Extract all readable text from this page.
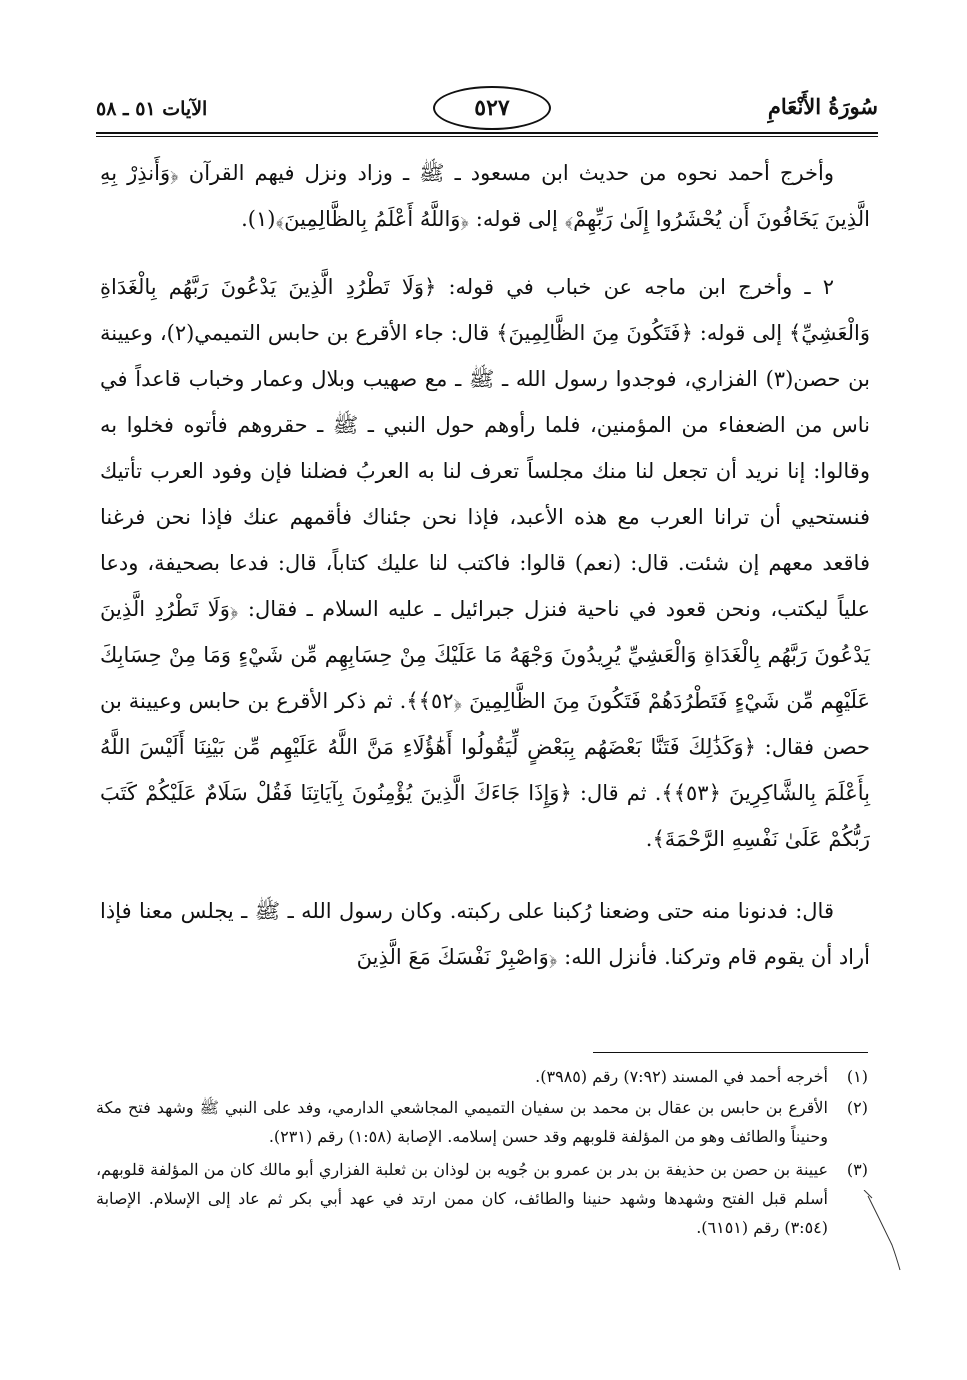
سُورَةُ الأَنْعَامِ
٥٢٧
الآيات ٥١ ـ ٥٨

وأخرج أحمد نحوه من حديث ابن مسعود ـ ﷺ ـ وزاد ونزل فيهم القرآن ﴿وَأَنذِرْ بِهِ الَّذِينَ يَخَافُونَ أَن يُحْشَرُوا إِلَىٰ رَبِّهِمْ﴾ إلى قوله: ﴿وَاللَّهُ أَعْلَمُ بِالظَّالِمِينَ﴾(١).

٢ ـ وأخرج ابن ماجه عن خباب في قوله: ﴿وَلَا تَطْرُدِ الَّذِينَ يَدْعُونَ رَبَّهُم بِالْغَدَاةِ وَالْعَشِيِّ﴾ إلى قوله: ﴿فَتَكُونَ مِنَ الظَّالِمِينَ﴾ قال: جاء الأقرع بن حابس التميمي(٢)، وعيينة بن حصن(٣) الفزاري، فوجدوا رسول الله ـ ﷺ ـ مع صهيب وبلال وعمار وخباب قاعداً في ناس من الضعفاء من المؤمنين، فلما رأوهم حول النبي ـ ﷺ ـ حقروهم فأتوه فخلوا به وقالوا: إنا نريد أن تجعل لنا منك مجلساً تعرف لنا به العربُ فضلنا فإن وفود العرب تأتيك فنستحيي أن ترانا العرب مع هذه الأعبد، فإذا نحن جئناك فأقمهم عنك فإذا نحن فرغنا فاقعد معهم إن شئت. قال: (نعم) قالوا: فاكتب لنا عليك كتاباً، قال: فدعا بصحيفة، ودعا علياً ليكتب، ونحن قعود في ناحية فنزل جبرائيل ـ عليه السلام ـ فقال: ﴿وَلَا تَطْرُدِ الَّذِينَ يَدْعُونَ رَبَّهُم بِالْغَدَاةِ وَالْعَشِيِّ يُرِيدُونَ وَجْهَهُ مَا عَلَيْكَ مِنْ حِسَابِهِم مِّن شَيْءٍ وَمَا مِنْ حِسَابِكَ عَلَيْهِم مِّن شَيْءٍ فَتَطْرُدَهُمْ فَتَكُونَ مِنَ الظَّالِمِينَ ﴿٥٢﴾﴾. ثم ذكر الأقرع بن حابس وعيينة بن حصن فقال: ﴿وَكَذَٰلِكَ فَتَنَّا بَعْضَهُم بِبَعْضٍ لِّيَقُولُوا أَهَٰؤُلَاءِ مَنَّ اللَّهُ عَلَيْهِم مِّن بَيْنِنَا أَلَيْسَ اللَّهُ بِأَعْلَمَ بِالشَّاكِرِينَ ﴿٥٣﴾﴾. ثم قال: ﴿وَإِذَا جَاءَكَ الَّذِينَ يُؤْمِنُونَ بِآيَاتِنَا فَقُلْ سَلَامٌ عَلَيْكُمْ كَتَبَ رَبُّكُمْ عَلَىٰ نَفْسِهِ الرَّحْمَةَ﴾.

قال: فدنونا منه حتى وضعنا رُكبنا على ركبته. وكان رسول الله ـ ﷺ ـ يجلس معنا فإذا أراد أن يقوم قام وتركنا. فأنزل الله: ﴿وَاصْبِرْ نَفْسَكَ مَعَ الَّذِينَ

(١)
أخرجه أحمد في المسند (٧:٩٢) رقم (٣٩٨٥).
(٢)
الأقرع بن حابس بن عقال بن محمد بن سفيان التميمي المجاشعي الدارمي، وفد على النبي ﷺ وشهد فتح مكة وحنيناً والطائف وهو من المؤلفة قلوبهم وقد حسن إسلامه. الإصابة (١:٥٨) رقم (٢٣١).
(٣)
عيينة بن حصن بن حذيفة بن بدر بن عمرو بن جُويه بن لوذان بن ثعلبة الفزاري أبو مالك كان من المؤلفة قلوبهم، أسلم قبل الفتح وشهدها وشهد حنينا والطائف، كان ممن ارتد في عهد أبي بكر ثم عاد إلى الإسلام. الإصابة (٣:٥٤) رقم (٦١٥١).
